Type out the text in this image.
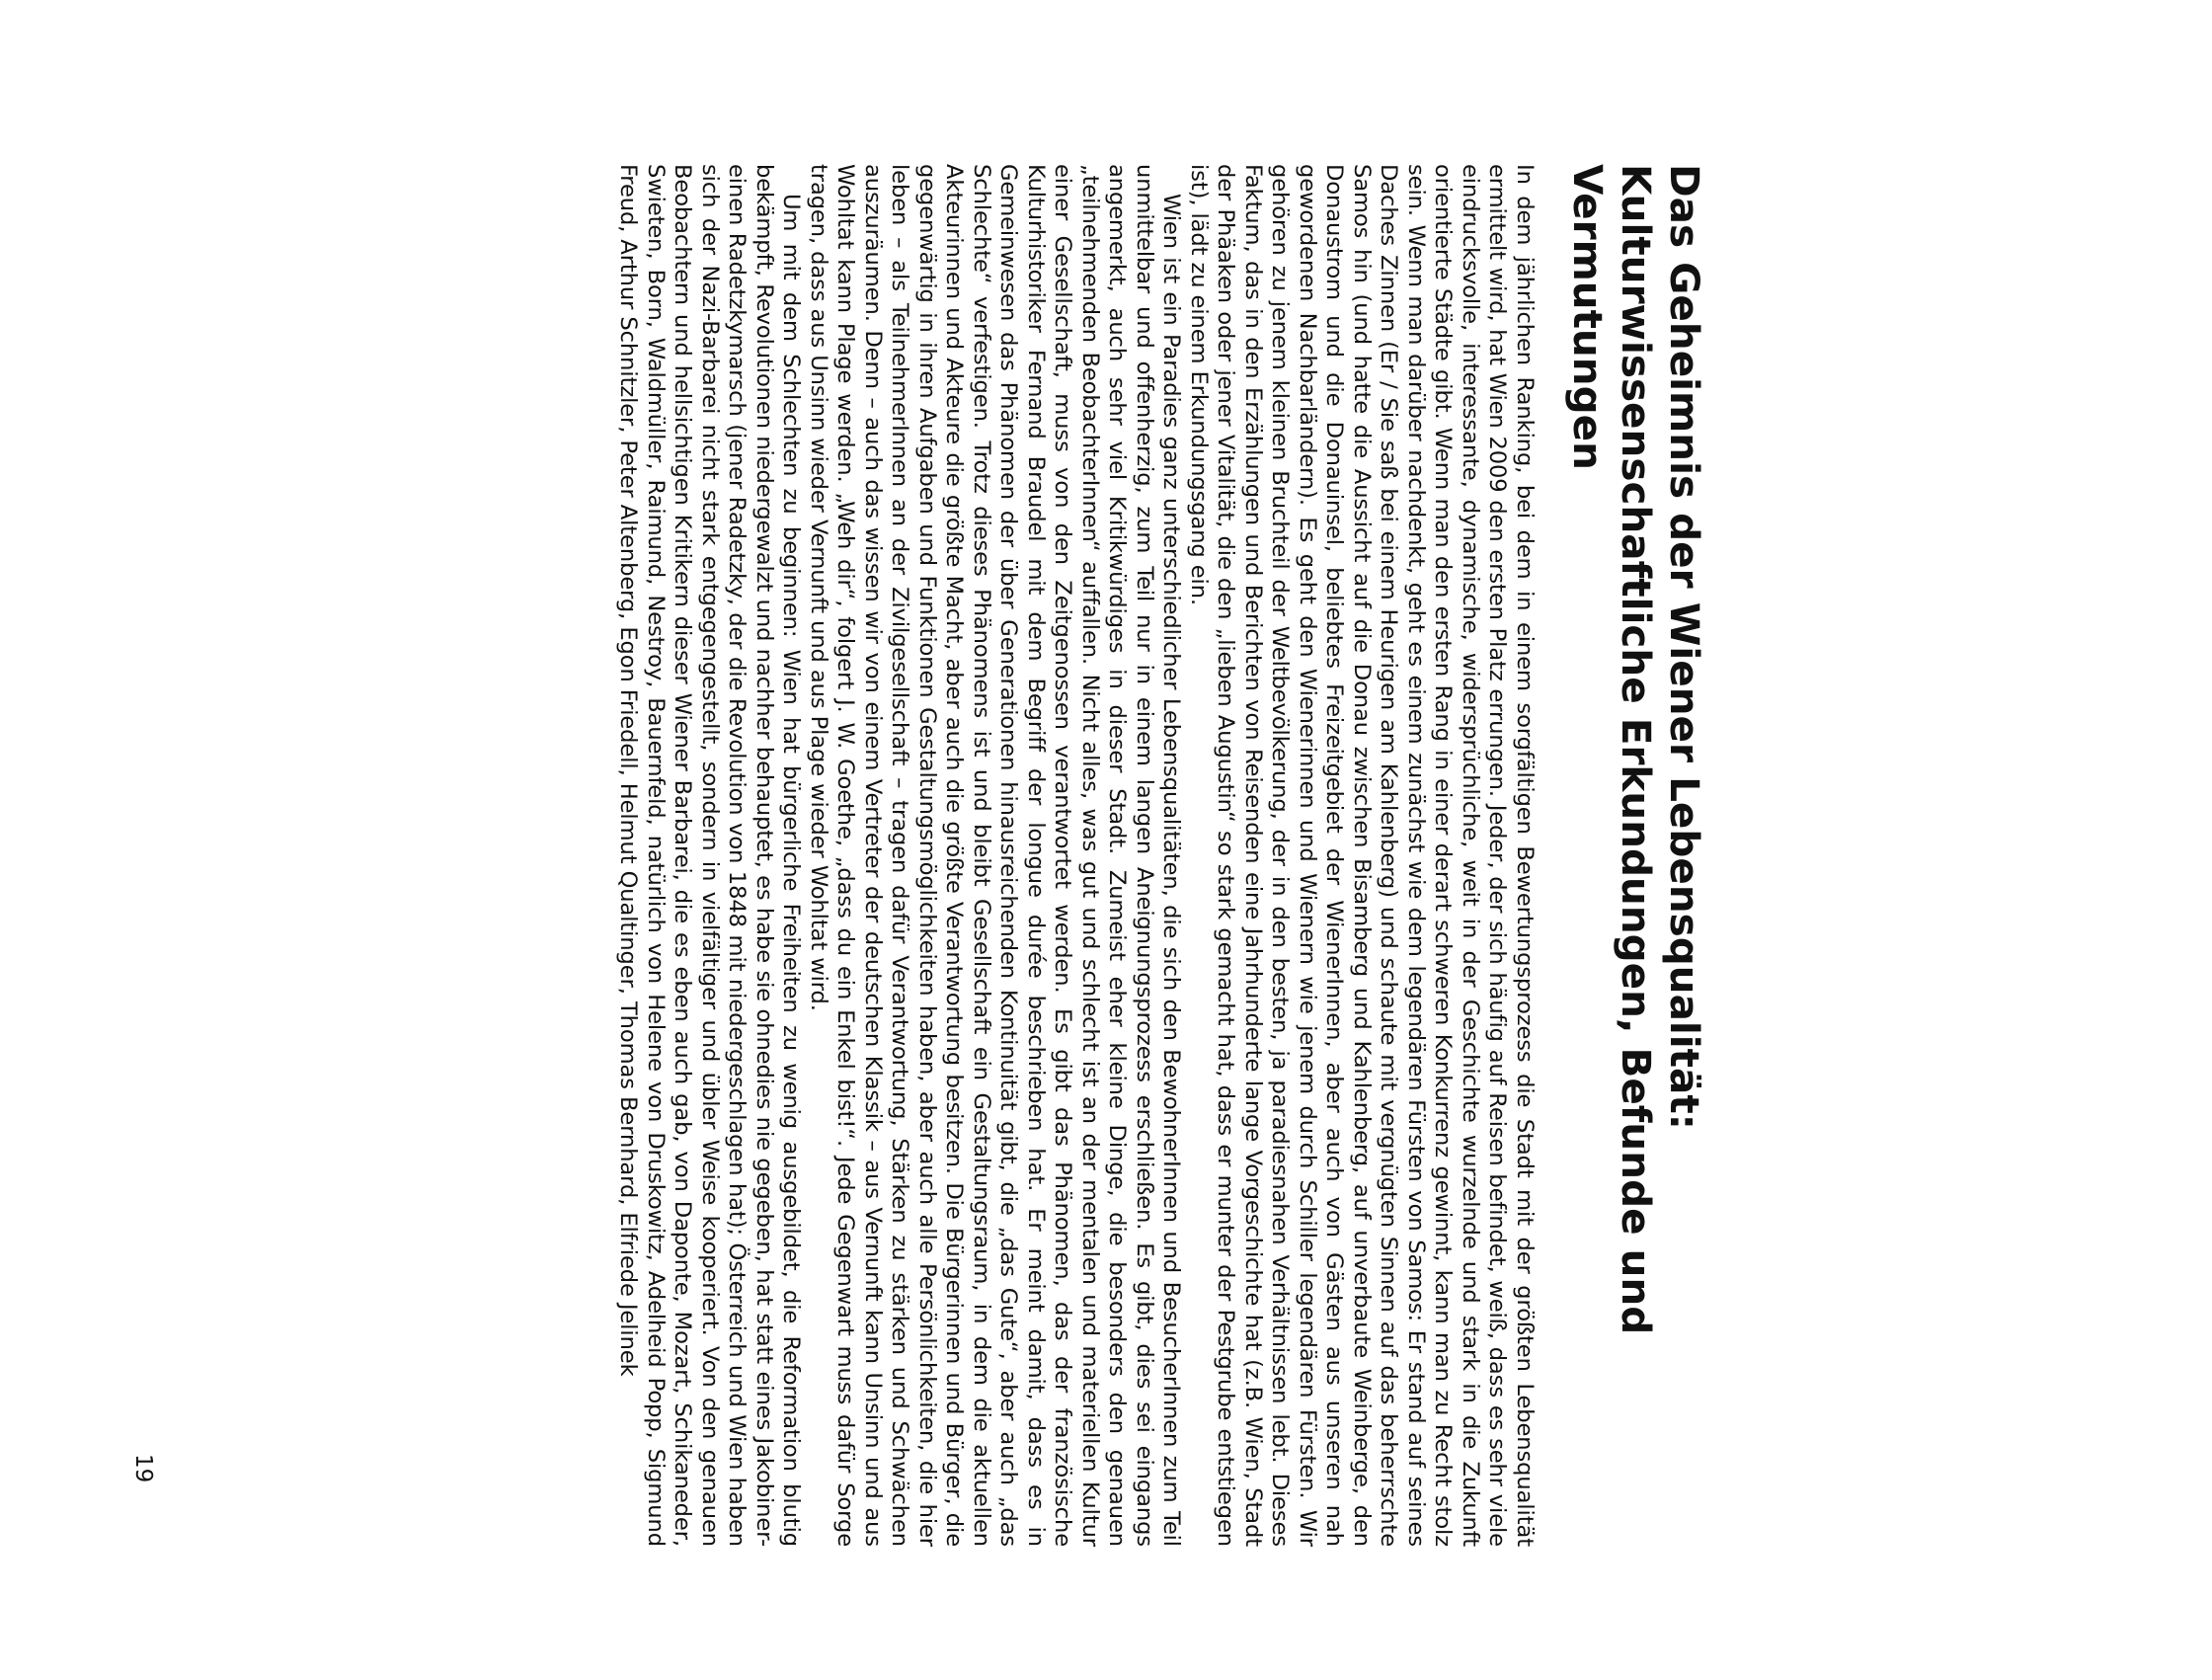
Das Geheimnis der Wiener Lebensqualität: Kulturwissenschaftliche Erkundungen, Befunde und Vermutungen

In dem jährlichen Ranking, bei dem in einem sorgfältigen Bewertungsprozess die Stadt mit der größten Lebensqualität ermittelt wird, hat Wien 2009 den ersten Platz errungen. Jeder, der sich häufig auf Reisen befindet, weiß, dass es sehr viele eindrucksvolle, interessante, dynamische, widersprüchliche, weit in der Geschichte wurzelnde und stark in die Zukunft orientierte Städte gibt. Wenn man den ersten Rang in einer derart schweren Konkurrenz gewinnt, kann man zu Recht stolz sein. Wenn man darüber nachdenkt, geht es einem zunächst wie dem legendären Fürsten von Samos: Er stand auf seines Daches Zinnen (Er / Sie saß bei einem Heurigen am Kahlenberg) und schaute mit vergnügten Sinnen auf das beherrschte Samos hin (und hatte die Aussicht auf die Donau zwischen Bisamberg und Kahlenberg, auf unverbaute Weinberge, den Donaustrom und die Donauinsel, beliebtes Freizeitgebiet der WienerInnen, aber auch von Gästen aus unseren nah gewordenen Nachbarländern). Es geht den Wienerinnen und Wienern wie jenem durch Schiller legendären Fürsten. Wir gehören zu jenem kleinen Bruchteil der Weltbevölkerung, der in den besten, ja paradiesnahen Verhältnissen lebt. Dieses Faktum, das in den Erzählungen und Berichten von Reisenden eine Jahrhunderte lange Vorgeschichte hat (z.B. Wien, Stadt der Phäaken oder jener Vitalität, die den „lieben Augustin“ so stark gemacht hat, dass er munter der Pestgrube entstiegen ist), lädt zu einem Erkundungsgang ein.

Wien ist ein Paradies ganz unterschiedlicher Lebensqualitäten, die sich den BewohnerInnen und BesucherInnen zum Teil unmittelbar und offenherzig, zum Teil nur in einem langen Aneignungsprozess erschließen. Es gibt, dies sei eingangs angemerkt, auch sehr viel Kritikwürdiges in dieser Stadt. Zumeist eher kleine Dinge, die besonders den genauen „teilnehmenden BeobachterInnen“ auffallen. Nicht alles, was gut und schlecht ist an der mentalen und materiellen Kultur einer Gesellschaft, muss von den Zeitgenossen verantwortet werden. Es gibt das Phänomen, das der französische Kulturhistoriker Fernand Braudel mit dem Begriff der longue durée beschrieben hat. Er meint damit, dass es in Gemeinwesen das Phänomen der über Generationen hinausreichenden Kontinuität gibt, die „das Gute“, aber auch „das Schlechte“ verfestigen. Trotz dieses Phänomens ist und bleibt Gesellschaft ein Gestaltungsraum, in dem die aktuellen Akteurinnen und Akteure die größte Macht, aber auch die größte Verantwortung besitzen. Die Bürgerinnen und Bürger, die gegenwärtig in ihren Aufgaben und Funktionen Gestaltungsmöglichkeiten haben, aber auch alle Persönlichkeiten, die hier leben – als TeilnehmerInnen an der Zivilgesellschaft – tragen dafür Verantwortung, Stärken zu stärken und Schwächen auszuräumen. Denn – auch das wissen wir von einem Vertreter der deutschen Klassik – aus Vernunft kann Unsinn und aus Wohltat kann Plage werden. „Weh dir“, folgert J. W. Goethe, „dass du ein Enkel bist!“. Jede Gegenwart muss dafür Sorge tragen, dass aus Unsinn wieder Vernunft und aus Plage wieder Wohltat wird.

Um mit dem Schlechten zu beginnen: Wien hat bürgerliche Freiheiten zu wenig ausgebildet, die Reformation blutig bekämpft, Revolutionen niedergewalzt und nachher behauptet, es habe sie ohnedies nie gegeben, hat statt eines Jakobiner- einen Radetzkymarsch (jener Radetzky, der die Revolution von 1848 mit niedergeschlagen hat); Österreich und Wien haben sich der Nazi-Barbarei nicht stark entgegengestellt, sondern in vielfältiger und übler Weise kooperiert. Von den genauen Beobachtern und hellsichtigen Kritikern dieser Wiener Barbarei, die es eben auch gab, von Daponte, Mozart, Schikaneder, Swieten, Born, Waldmüller, Raimund, Nestroy, Bauernfeld, natürlich von Helene von Druskowitz, Adelheid Popp, Sigmund Freud, Arthur Schnitzler, Peter Altenberg, Egon Friedell, Helmut Qualtinger, Thomas Bernhard, Elfriede Jelinek

19
